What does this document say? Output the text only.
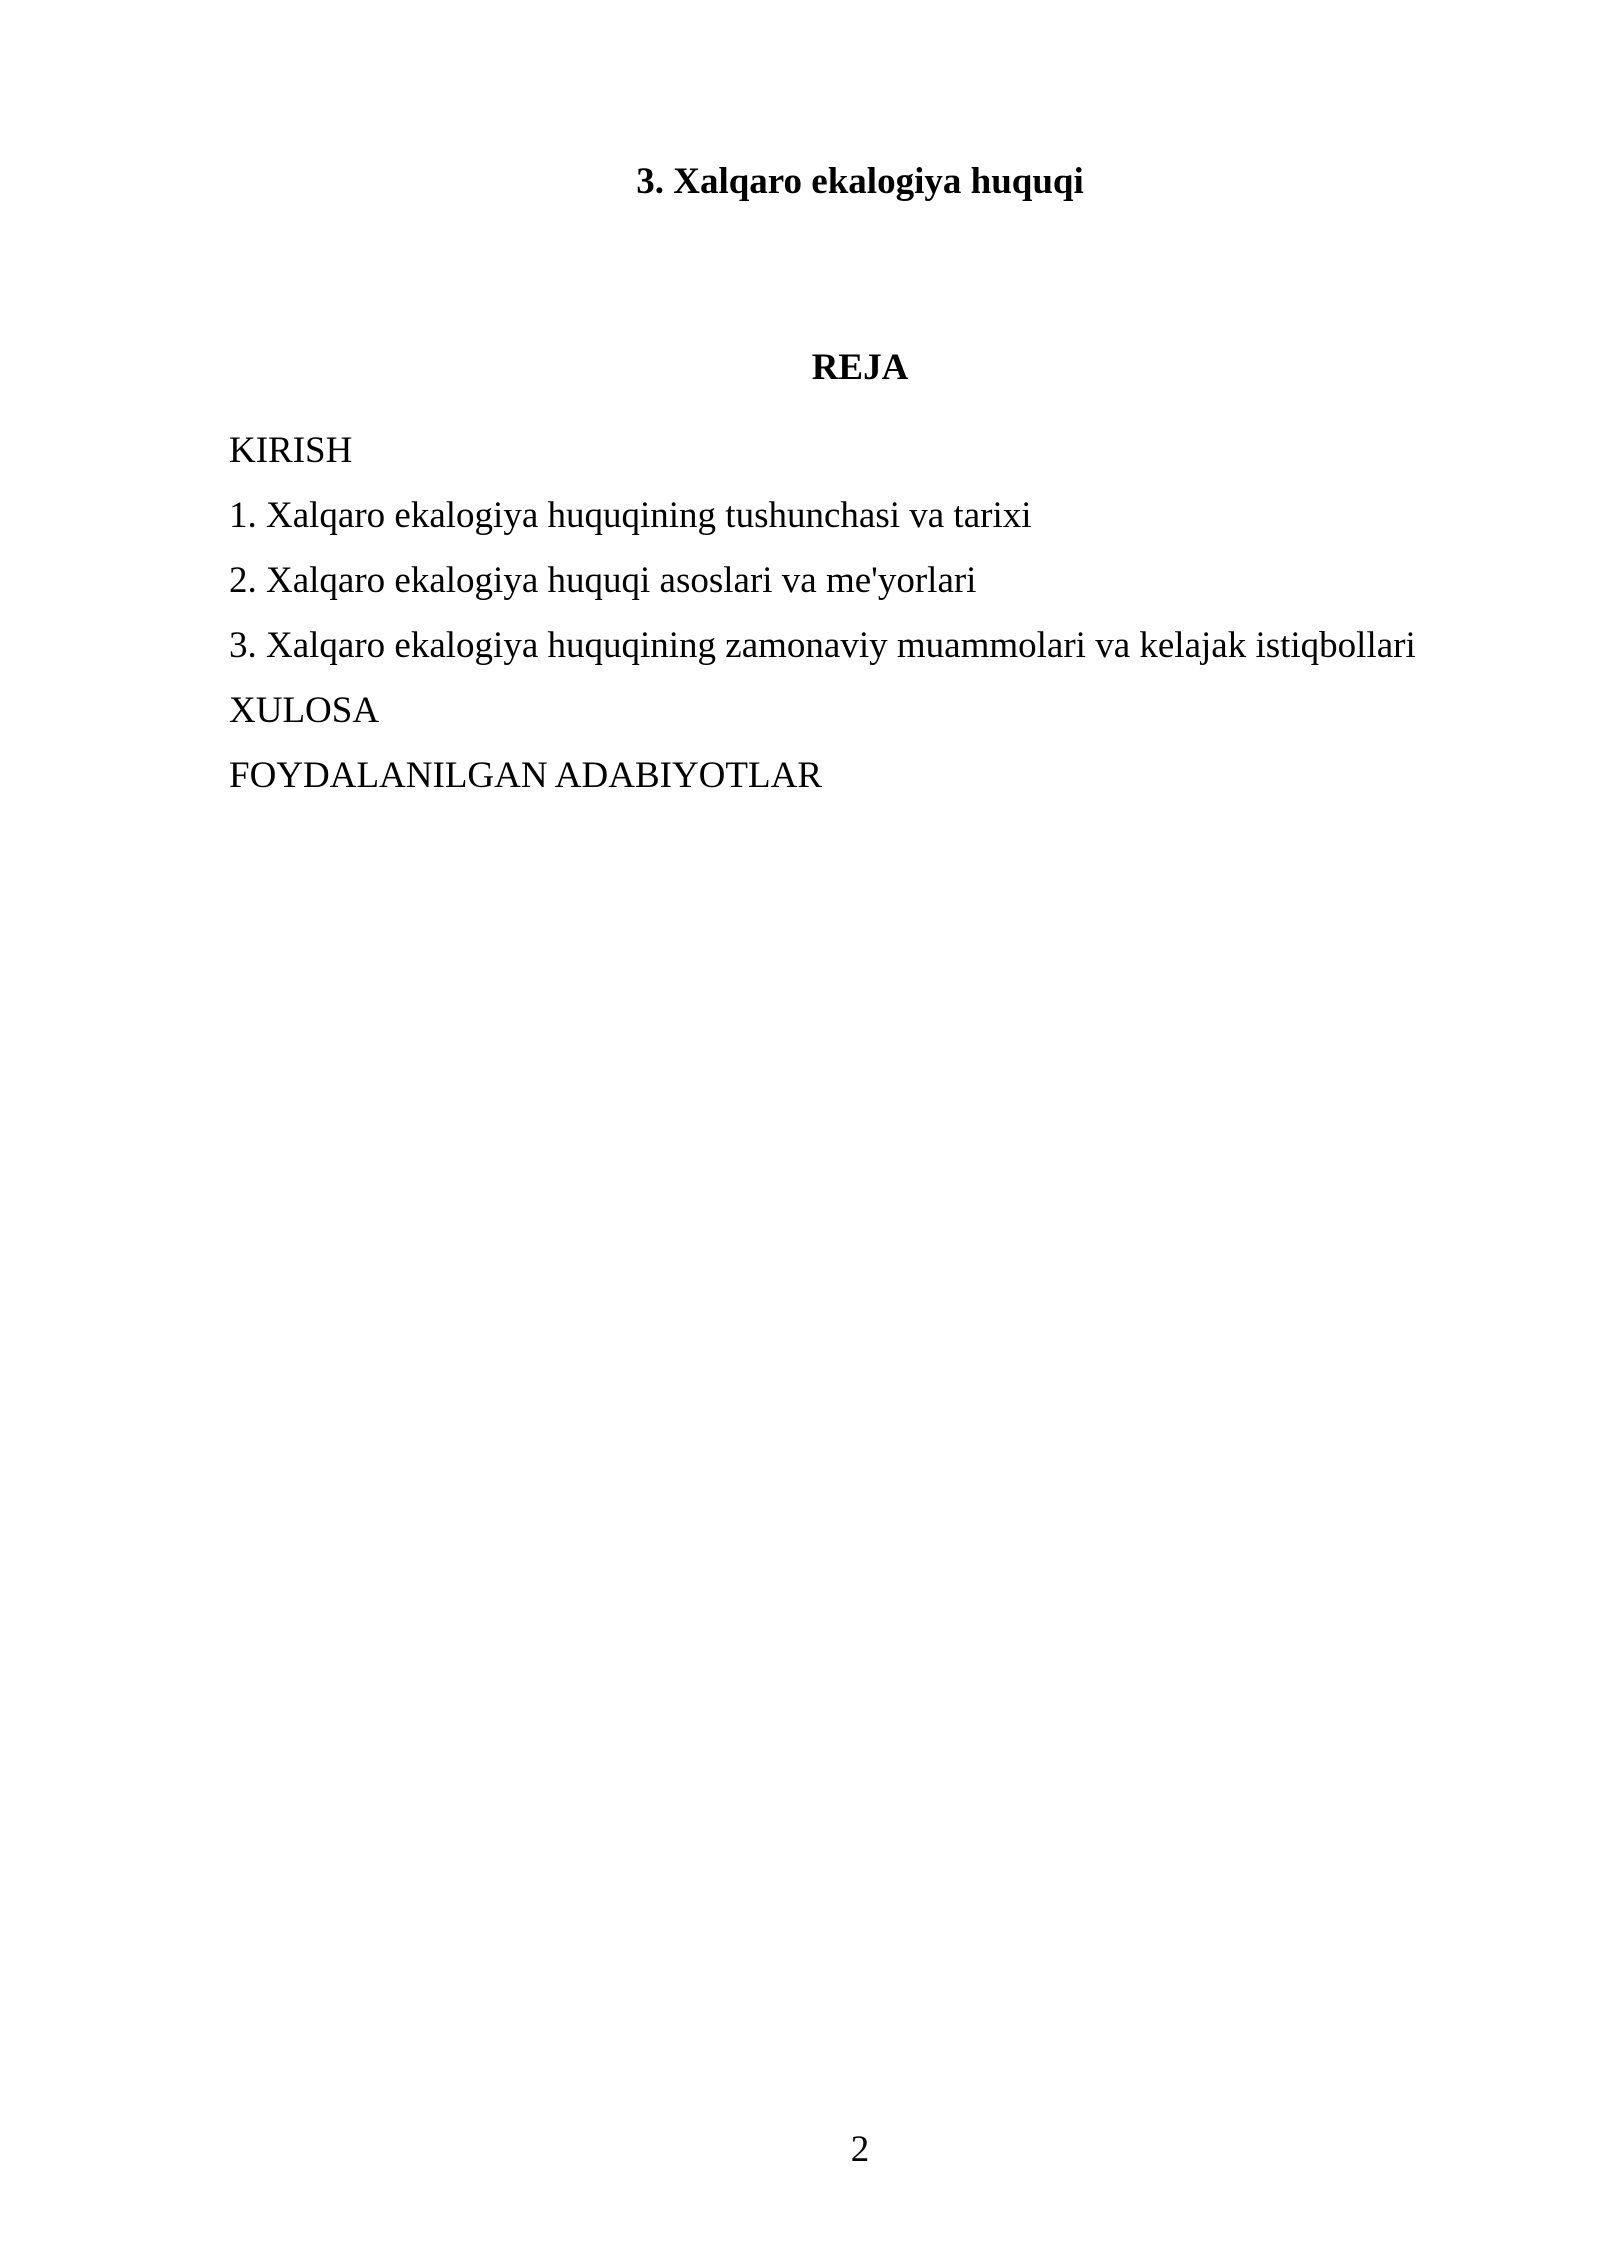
3. Xalqaro ekalogiya huquqi
REJA
KIRISH
1. Xalqaro ekalogiya huquqining tushunchasi va tarixi
2. Xalqaro ekalogiya huquqi asoslari va me'yorlari
3. Xalqaro ekalogiya huquqining zamonaviy muammolari va kelajak istiqbollari
XULOSA
FOYDALANILGAN ADABIYOTLAR
2
